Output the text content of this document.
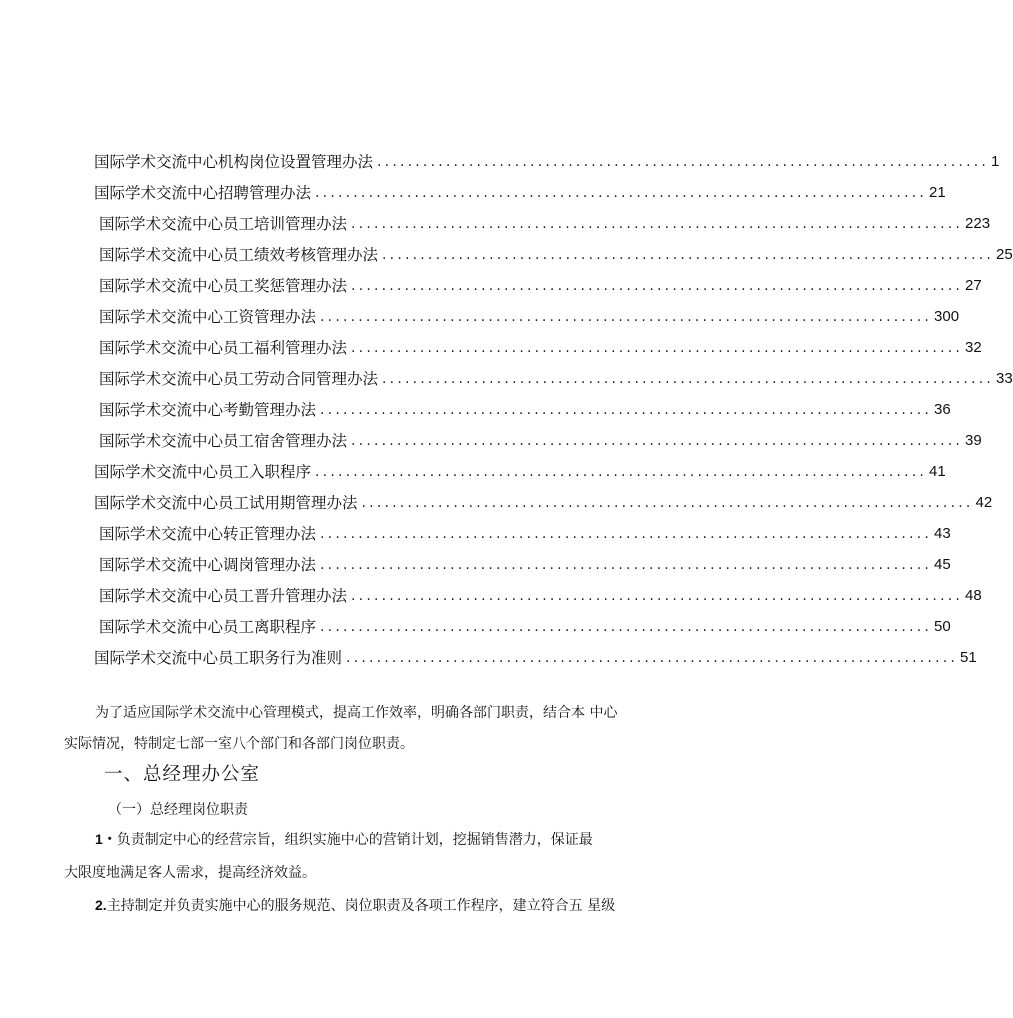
国际学术交流中心机构岗位设置管理办法 ................................................................................ 1
国际学术交流中心招聘管理办法 ................................................................................ 21
国际学术交流中心员工培训管理办法 ................................................................................ 223
国际学术交流中心员工绩效考核管理办法 ................................................................................ 25
国际学术交流中心员工奖惩管理办法 ................................................................................ 27
国际学术交流中心工资管理办法 ................................................................................ 300
国际学术交流中心员工福利管理办法 ................................................................................ 32
国际学术交流中心员工劳动合同管理办法 ................................................................................ 33
国际学术交流中心考勤管理办法 ................................................................................ 36
国际学术交流中心员工宿舍管理办法 ................................................................................ 39
国际学术交流中心员工入职程序 ................................................................................ 41
国际学术交流中心员工试用期管理办法 ................................................................................ 42
国际学术交流中心转正管理办法 ................................................................................ 43
国际学术交流中心调岗管理办法 ................................................................................ 45
国际学术交流中心员工晋升管理办法 ................................................................................ 48
国际学术交流中心员工离职程序 ................................................................................ 50
国际学术交流中心员工职务行为准则 ................................................................................ 51

为了适应国际学术交流中心管理模式，提高工作效率，明确各部门职责，结合本 中心

实际情况，特制定七部一室八个部门和各部门岗位职责。

一、总经理办公室
（一）总经理岗位职责
1・负责制定中心的经营宗旨，组织实施中心的营销计划，挖掘销售潜力，保证最
大限度地满足客人需求，提高经济效益。
2.主持制定并负责实施中心的服务规范、岗位职责及各项工作程序，建立符合五 星级
